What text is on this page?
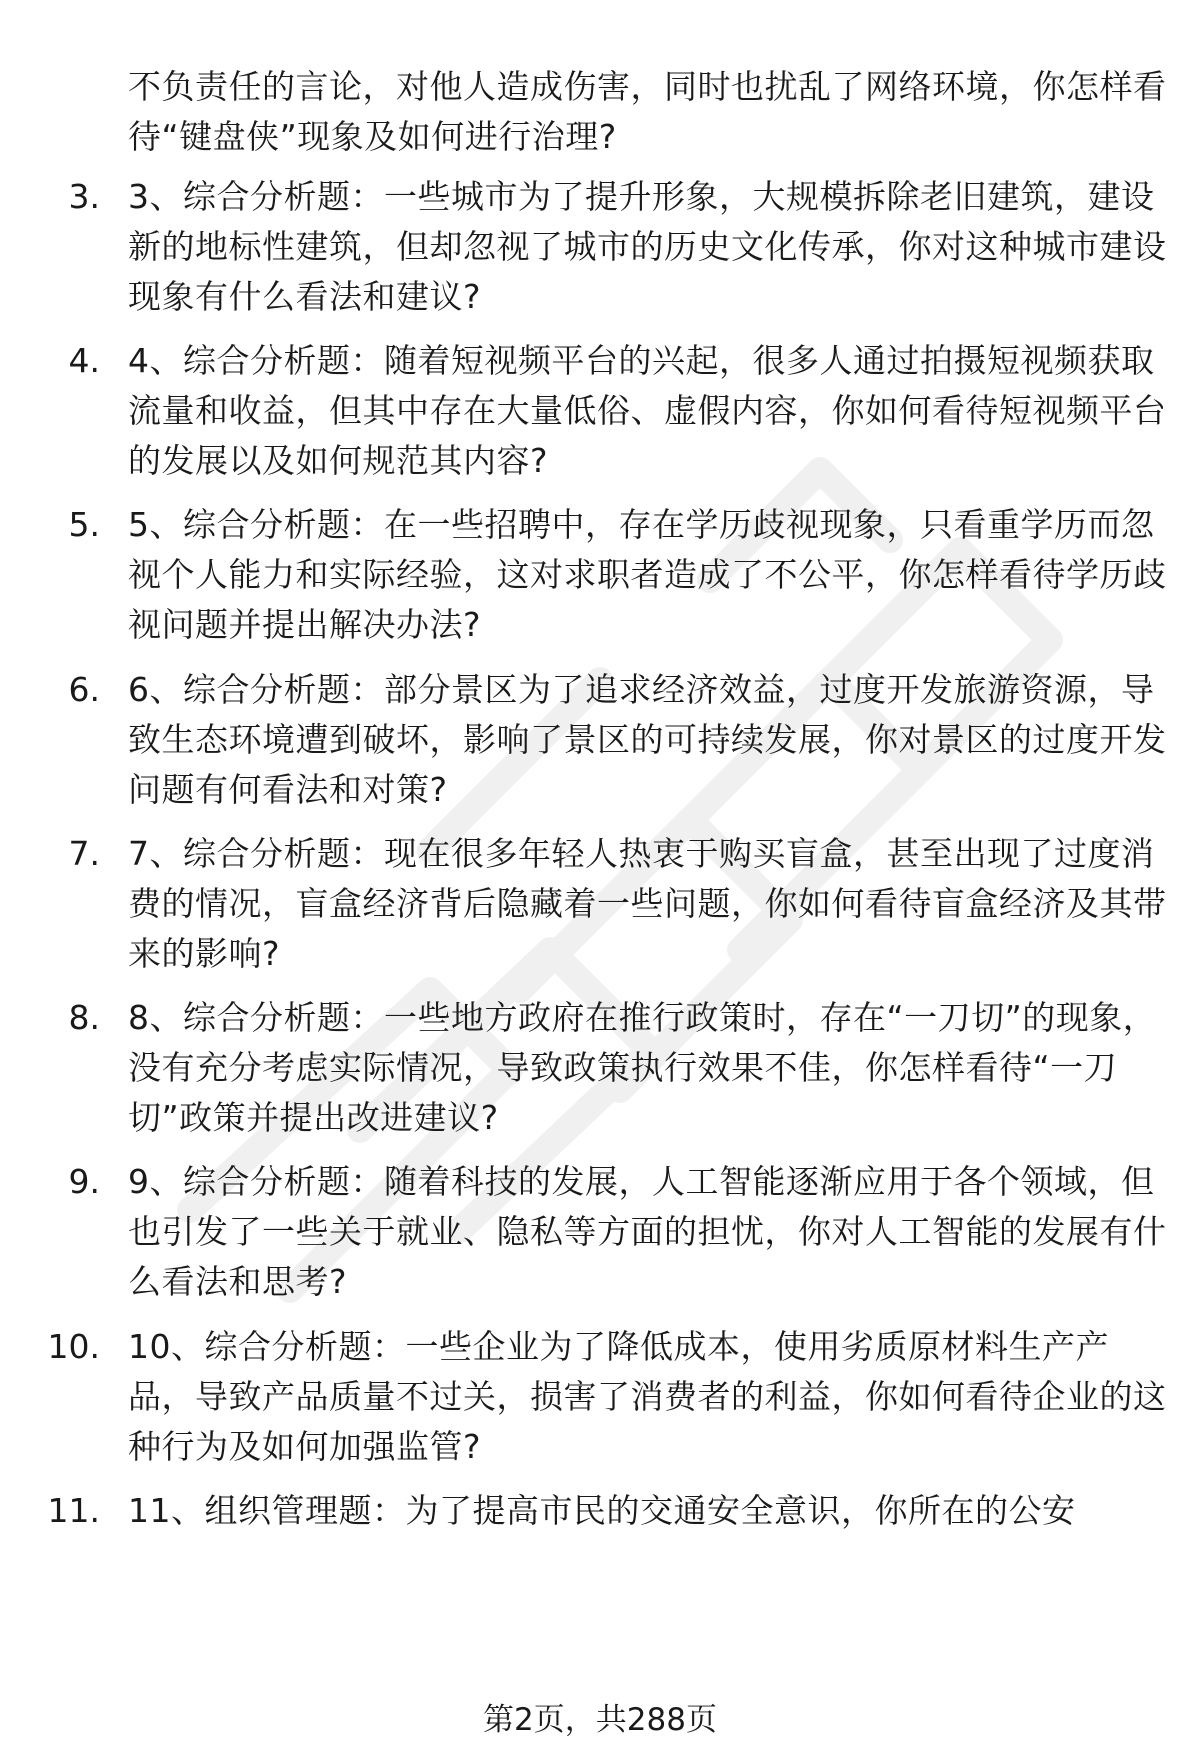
不负责任的言论，对他人造成伤害，同时也扰乱了网络环境，你怎样看待“键盘侠”现象及如何进行治理?
3. 3、综合分析题：一些城市为了提升形象，大规模拆除老旧建筑，建设新的地标性建筑，但却忽视了城市的历史文化传承，你对这种城市建设现象有什么看法和建议?
4. 4、综合分析题：随着短视频平台的兴起，很多人通过拍摄短视频获取流量和收益，但其中存在大量低俗、虚假内容，你如何看待短视频平台的发展以及如何规范其内容?
5. 5、综合分析题：在一些招聘中，存在学历歧视现象，只看重学历而忽视个人能力和实际经验，这对求职者造成了不公平，你怎样看待学历歧视问题并提出解决办法?
6. 6、综合分析题：部分景区为了追求经济效益，过度开发旅游资源，导致生态环境遭到破坏，影响了景区的可持续发展，你对景区的过度开发问题有何看法和对策?
7. 7、综合分析题：现在很多年轻人热衷于购买盲盒，甚至出现了过度消费的情况，盲盒经济背后隐藏着一些问题，你如何看待盲盒经济及其带来的影响?
8. 8、综合分析题：一些地方政府在推行政策时，存在“一刀切”的现象，没有充分考虑实际情况，导致政策执行效果不佳，你怎样看待“一刀切”政策并提出改进建议?
9. 9、综合分析题：随着科技的发展，人工智能逐渐应用于各个领域，但也引发了一些关于就业、隐私等方面的担忧，你对人工智能的发展有什么看法和思考?
10. 10、综合分析题：一些企业为了降低成本，使用劣质原材料生产产品，导致产品质量不过关，损害了消费者的利益，你如何看待企业的这种行为及如何加强监管?
11. 11、组织管理题：为了提高市民的交通安全意识，你所在的公安
第2页，共288页
